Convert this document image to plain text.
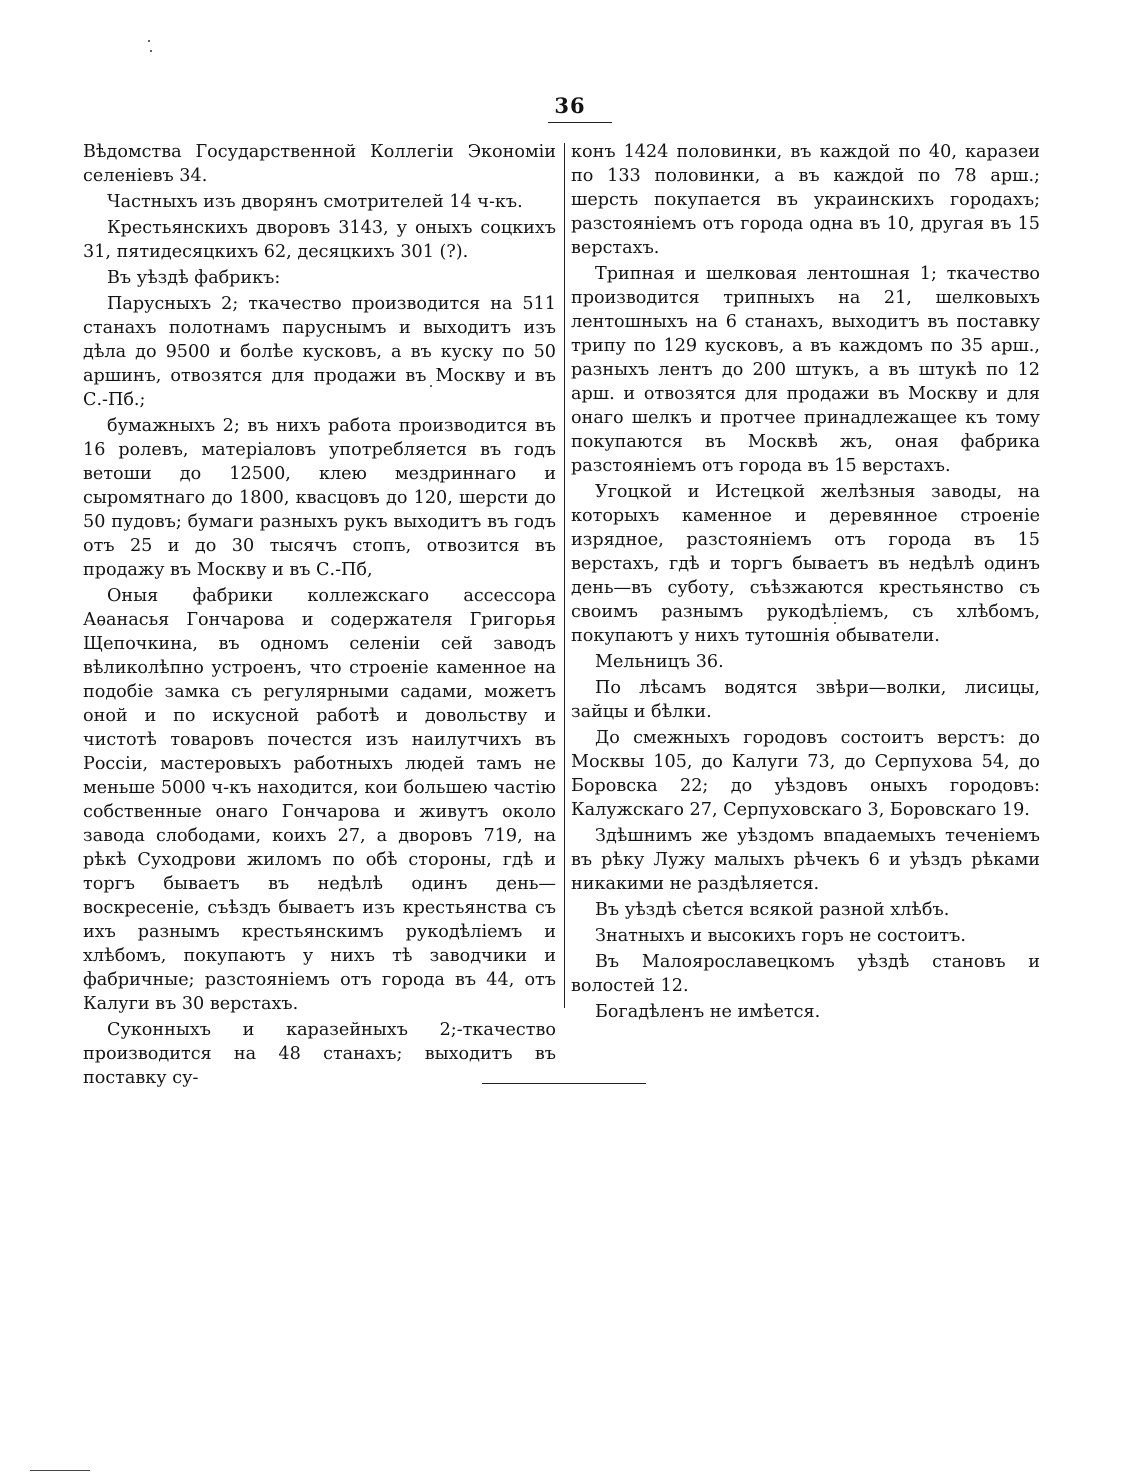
36

Вѣдомства Государственной Коллегіи Экономіи селеніевъ 34.

Частныхъ изъ дворянъ смотрителей 14 ч-къ.

Крестьянскихъ дворовъ 3143, у оныхъ соцкихъ 31, пятидесяцкихъ 62, десяцкихъ 301 (?).

Въ уѣздѣ фабрикъ:

Парусныхъ 2; ткачество производится на 511 станахъ полотнамъ паруснымъ и выходитъ изъ дѣла до 9500 и болѣе кусковъ, а въ куску по 50 аршинъ, отвозятся для продажи въ Москву и въ С.-Пб.;

бумажныхъ 2; въ нихъ работа производится въ 16 ролевъ, матеріаловъ употребляется въ годъ ветоши до 12500, клею мездриннаго и сыромятнаго до 1800, квасцовъ до 120, шерсти до 50 пудовъ; бумаги разныхъ рукъ выходитъ въ годъ отъ 25 и до 30 тысячъ стопъ, отвозится въ продажу въ Москву и въ С.-Пб,

Оныя фабрики коллежскаго ассессора Аѳанасья Гончарова и содержателя Григорья Щепочкина, въ одномъ селеніи сей заводъ вѣликолѣпно устроенъ, что строеніе каменное на подобіе замка съ регулярными садами, можетъ оной и по искусной работѣ и довольству и чистотѣ товаровъ почестся изъ наилутчихъ въ Россіи, мастеровыхъ работныхъ людей тамъ не меньше 5000 ч-къ находится, кои большею частію собственные онаго Гончарова и живутъ около завода слободами, коихъ 27, а дворовъ 719, на рѣкѣ Суходрови жиломъ по обѣ стороны, гдѣ и торгъ бываетъ въ недѣлѣ одинъ день—воскресеніе, съѣздъ бываетъ изъ крестьянства съ ихъ разнымъ крестьянскимъ рукодѣліемъ и хлѣбомъ, покупаютъ у нихъ тѣ заводчики и фабричные; разстояніемъ отъ города въ 44, отъ Калуги въ 30 верстахъ.

Суконныхъ и каразейныхъ 2;-ткачество производится на 48 станахъ; выходитъ въ поставку су-

конъ 1424 половинки, въ каждой по 40, каразеи по 133 половинки, а въ каждой по 78 арш.; шерсть покупается въ украинскихъ городахъ; разстояніемъ отъ города одна въ 10, другая въ 15 верстахъ.

Трипная и шелковая лентошная 1; ткачество производится трипныхъ на 21, шелковыхъ лентошныхъ на 6 станахъ, выходитъ въ поставку трипу по 129 кусковъ, а въ каждомъ по 35 арш., разныхъ лентъ до 200 штукъ, а въ штукѣ по 12 арш. и отвозятся для продажи въ Москву и для онаго шелкъ и протчее принадлежащее къ тому покупаются въ Москвѣ жъ, оная фабрика разстояніемъ отъ города въ 15 верстахъ.

Угоцкой и Истецкой желѣзныя заводы, на которыхъ каменное и деревянное строеніе изрядное, разстояніемъ отъ города въ 15 верстахъ, гдѣ и торгъ бываетъ въ недѣлѣ одинъ день—въ суботу, съѣзжаются крестьянство съ своимъ разнымъ рукодѣліемъ, съ хлѣбомъ, покупаютъ у нихъ тутошнія обыватели.

Мельницъ 36.

По лѣсамъ водятся звѣри—волки, лисицы, зайцы и бѣлки.

До смежныхъ городовъ состоитъ верстъ: до Москвы 105, до Калуги 73, до Серпухова 54, до Боровска 22; до уѣздовъ оныхъ городовъ: Калужскаго 27, Серпуховскаго 3, Боровскаго 19.

Здѣшнимъ же уѣздомъ впадаемыхъ теченіемъ въ рѣку Лужу малыхъ рѣчекъ 6 и уѣздъ рѣками никакими не раздѣляется.

Въ уѣздѣ сѣется всякой разной хлѣбъ.

Знатныхъ и высокихъ горъ не состоитъ.

Въ Малоярославецкомъ уѣздѣ становъ и волостей 12.

Богадѣленъ не имѣется.
